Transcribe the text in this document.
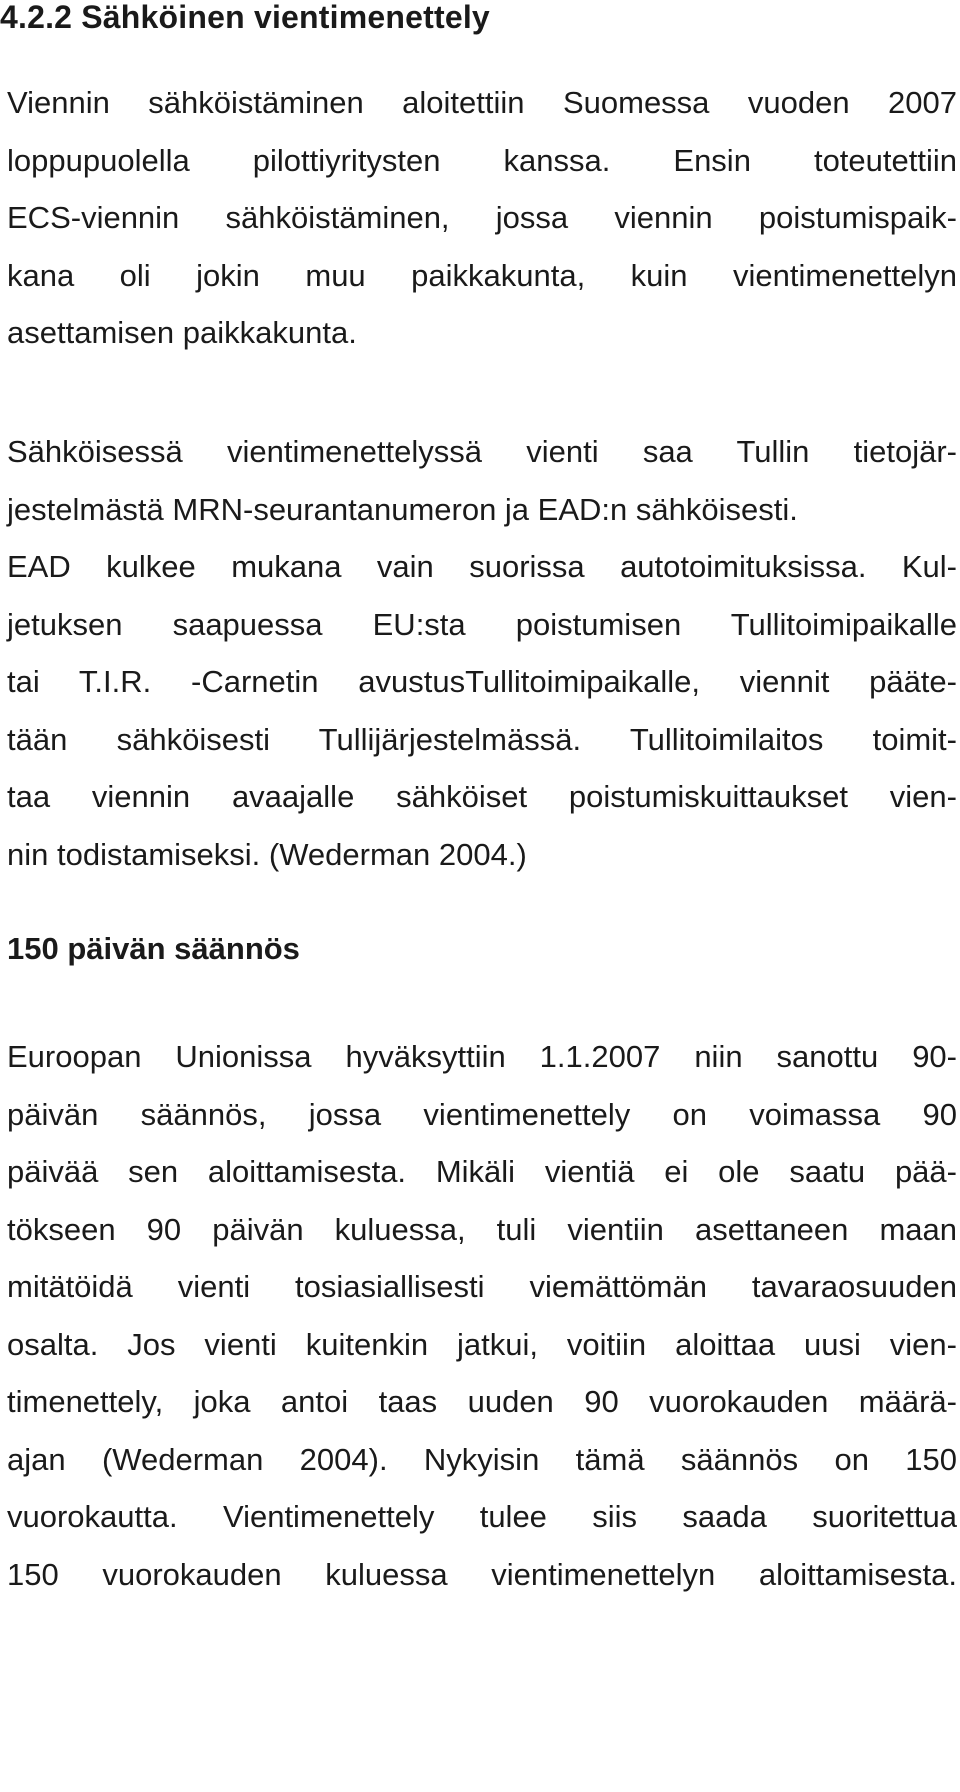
4.2.2 Sähköinen vientimenettely
Viennin sähköistäminen aloitettiin Suomessa vuoden 2007
loppupuolella pilottiyritysten kanssa. Ensin toteutettiin
ECS-viennin sähköistäminen, jossa viennin poistumispaik-
kana oli jokin muu paikkakunta, kuin vientimenettelyn
asettamisen paikkakunta.
Sähköisessä vientimenettelyssä vienti saa Tullin tietojär-
jestelmästä MRN-seurantanumeron ja EAD:n sähköisesti.
EAD kulkee mukana vain suorissa autotoimituksissa. Kul-
jetuksen saapuessa EU:sta poistumisen Tullitoimipaikalle
tai T.I.R. -Carnetin avustusTullitoimipaikalle, viennit pääte-
tään sähköisesti Tullijärjestelmässä. Tullitoimilaitos toimit-
taa viennin avaajalle sähköiset poistumiskuittaukset vien-
nin todistamiseksi. (Wederman 2004.)
150 päivän säännös
Euroopan Unionissa hyväksyttiin 1.1.2007 niin sanottu 90-
päivän säännös, jossa vientimenettely on voimassa 90
päivää sen aloittamisesta. Mikäli vientiä ei ole saatu pää-
tökseen 90 päivän kuluessa, tuli vientiin asettaneen maan
mitätöidä vienti tosiasiallisesti viemättömän tavaraosuuden
osalta. Jos vienti kuitenkin jatkui, voitiin aloittaa uusi vien-
timenettely, joka antoi taas uuden 90 vuorokauden määrä-
ajan (Wederman 2004). Nykyisin tämä säännös on 150
vuorokautta. Vientimenettely tulee siis saada suoritettua
150 vuorokauden kuluessa vientimenettelyn aloittamisesta.
